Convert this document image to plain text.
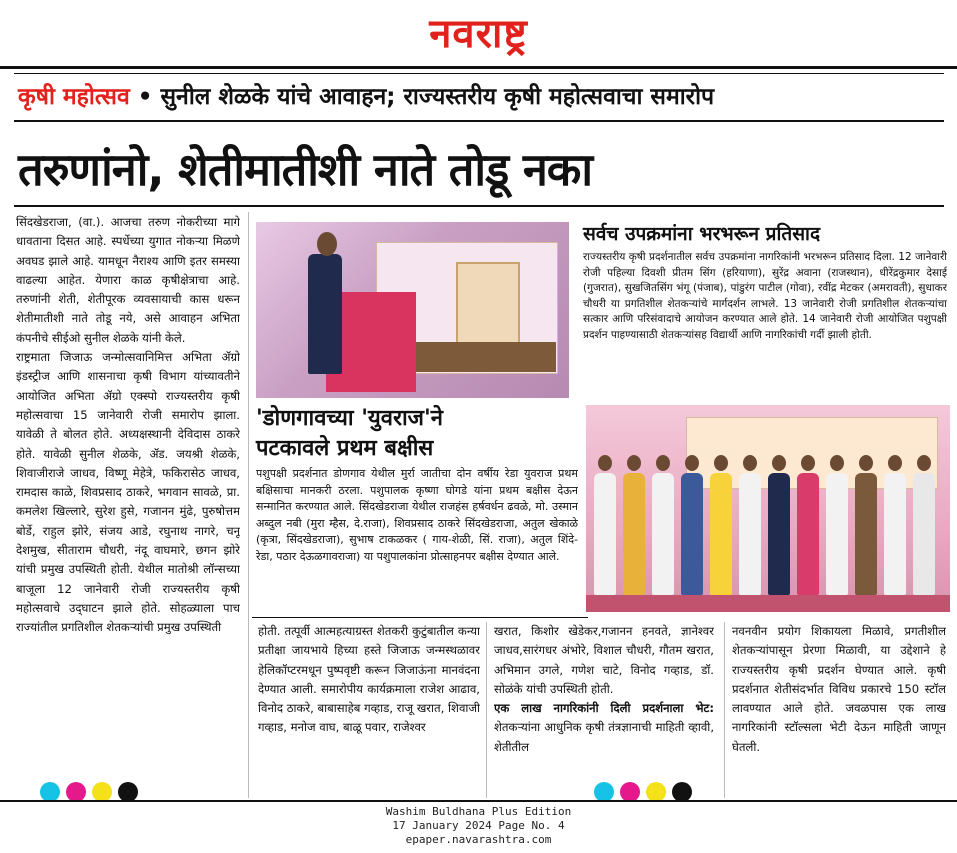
नवराष्ट्र
कृषी महोत्सव • सुनील शेळके यांचे आवाहन; राज्यस्तरीय कृषी महोत्सवाचा समारोप
तरुणांनो, शेतीमातीशी नाते तोडू नका

सिंदखेडराजा, (वा.). आजचा तरुण नोकरीच्या मागे धावताना दिसत आहे. स्पर्धेच्या युगात नोकऱ्या मिळणे अवघड झाले आहे. यामधून नैराश्य आणि इतर समस्या वाढल्या आहेत. येणारा काळ कृषीक्षेत्राचा आहे. तरुणांनी शेती, शेतीपूरक व्यवसायाची कास धरून शेतीमातीशी नाते तोडू नये, असे आवाहन अभिता कंपनीचे सीईओ सुनील शेळके यांनी केले.

राष्ट्रमाता जिजाऊ जन्मोत्सवानिमित्त अभिता ॲग्रो इंडस्ट्रीज आणि शासनाचा कृषी विभाग यांच्यावतीने आयोजित अभिता ॲग्रो एक्स्पो राज्यस्तरीय कृषी महोत्सवाचा 15 जानेवारी रोजी समारोप झाला. यावेळी ते बोलत होते. अध्यक्षस्थानी देविदास ठाकरे होते. यावेळी सुनील शेळके, ॲड. जयश्री शेळके, शिवाजीराजे जाधव, विष्णू मेहेत्रे, फकिरासेठ जाधव, रामदास काळे, शिवप्रसाद ठाकरे, भगवान सावळे, प्रा. कमलेश खिल्लारे, सुरेश हुसे, गजानन मुंढे, पुरुषोत्तम बोर्डे, राहुल झोरे, संजय आडे, रघुनाथ नागरे, चनू देशमुख, सीताराम चौधरी, नंदू वाघमारे, छगन झोरे यांची प्रमुख उपस्थिती होती. येथील मातोश्री लॉन्सच्या बाजूला 12 जानेवारी रोजी राज्यस्तरीय कृषी महोत्सवाचे उद्‌घाटन झाले होते. सोहळ्याला पाच राज्यांतील प्रगतिशील शेतकऱ्यांची प्रमुख उपस्थिती

सर्वच उपक्रमांना भरभरून प्रतिसाद
राज्यस्तरीय कृषी प्रदर्शनातील सर्वच उपक्रमांना नागरिकांनी भरभरून प्रतिसाद दिला. 12 जानेवारी रोजी पहिल्या दिवशी प्रीतम सिंग (हरियाणा), सुरेंद्र अवाना (राजस्थान), धीरेंद्रकुमार देसाई (गुजरात), सुखजितसिंग भंगू (पंजाब), पांडुरंग पाटील (गोवा), रवींद्र मेटकर (अमरावती), सुधाकर चौधरी या प्रगतिशील शेतकऱ्यांचे मार्गदर्शन लाभले. 13 जानेवारी रोजी प्रगतिशील शेतकऱ्यांचा सत्कार आणि परिसंवादाचे आयोजन करण्यात आले होते. 14 जानेवारी रोजी आयोजित पशुपक्षी प्रदर्शन पाहण्यासाठी शेतकऱ्यांसह विद्यार्थी आणि नागरिकांची गर्दी झाली होती.
'डोणगावच्या 'युवराज'ने
पटकावले प्रथम बक्षीस
पशुपक्षी प्रदर्शनात डोणगाव येथील मुर्रा जातीचा दोन वर्षीय रेडा युवराज प्रथम बक्षिसाचा मानकरी ठरला. पशुपालक कृष्णा घोगडे यांना प्रथम बक्षीस देऊन सन्मानित करण्यात आले. सिंदखेडराजा येथील राजहंस हर्षवर्धन ढवळे, मो. उस्मान अब्दुल नबी (मुरा म्हैस, दे.राजा), शिवप्रसाद ठाकरे सिंदखेडराजा, अतुल खेकाळे (कृत्रा, सिंदखेडराजा), सुभाष टाकळकर ( गाय-शेळी, सिं. राजा), अतुल शिंदे- रेडा, पठार देऊळगावराजा) या पशुपालकांना प्रोत्साहनपर बक्षीस देण्यात आले.
होती. तत्पूर्वी आत्महत्याग्रस्त शेतकरी कुटुंबातील कन्या प्रतीक्षा जायभाये हिच्या हस्ते जिजाऊ जन्मस्थळावर हेलिकॉप्टरमधून पुष्पवृष्टी करून जिजाऊंना मानवंदना देण्यात आली. समारोपीय कार्यक्रमाला राजेश आढाव, विनोद ठाकरे, बाबासाहेब गव्हाड, राजू खरात, शिवाजी गव्हाड, मनोज वाघ, बाळू पवार, राजेश्वर

खरात, किशोर खेडेकर,गजानन हनवते, ज्ञानेश्वर जाधव,सारंगधर अंभोरे, विशाल चौधरी, गौतम खरात, अभिमान उगले, गणेश चाटे, विनोद गव्हाड, डॉ. सोळंके यांची उपस्थिती होती.

एक लाख नागरिकांनी दिली प्रदर्शनाला भेट: शेतकऱ्यांना आधुनिक कृषी तंत्रज्ञानाची माहिती व्हावी, शेतीतील

नवनवीन प्रयोग शिकायला मिळावे, प्रगतीशील शेतकऱ्यांपासून प्रेरणा मिळावी, या उद्देशाने हे राज्यस्तरीय कृषी प्रदर्शन घेण्यात आले. कृषी प्रदर्शनात शेतीसंदर्भात विविध प्रकारचे 150 स्टॉल लावण्यात आले होते. जवळपास एक लाख नागरिकांनी स्टॉल्सला भेटी देऊन माहिती जाणून घेतली.
Washim Buldhana Plus Edition
17 January 2024 Page No. 4
epaper.navarashtra.com
